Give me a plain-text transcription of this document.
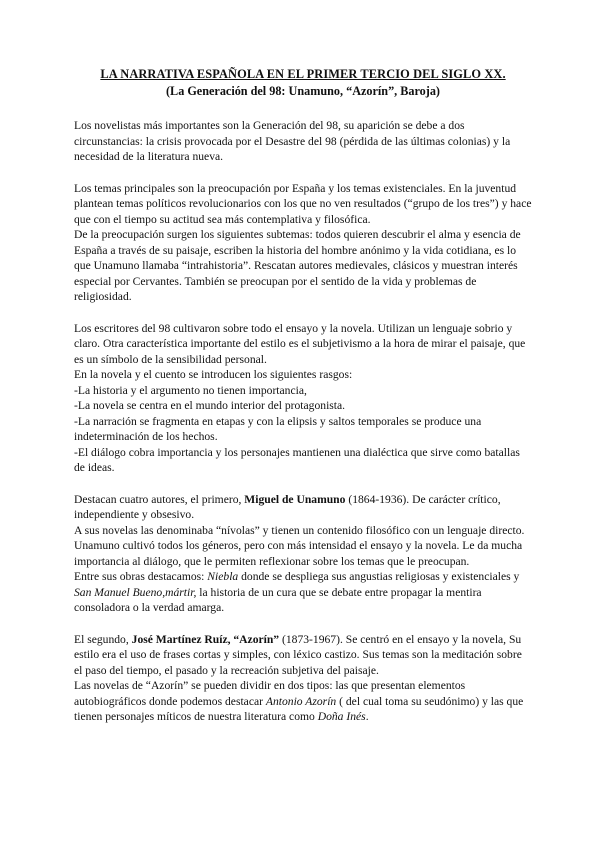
LA NARRATIVA ESPAÑOLA EN EL PRIMER TERCIO DEL SIGLO XX.
(La Generación del 98: Unamuno, “Azorín”, Baroja)

Los novelistas más importantes son la Generación del 98, su aparición se debe a dos circunstancias: la crisis provocada por el Desastre del 98 (pérdida de las últimas colonias) y la necesidad de la literatura nueva.

Los temas principales son la preocupación por España y los temas existenciales. En la juventud plantean temas políticos revolucionarios con los que no ven resultados (“grupo de los tres”) y hace que con el tiempo su actitud sea más contemplativa y filosófica.

De la preocupación surgen los siguientes subtemas: todos quieren descubrir el alma y esencia de España a través de su paisaje, escriben la historia del hombre anónimo y la vida cotidiana, es lo que Unamuno llamaba “intrahistoria”. Rescatan autores medievales, clásicos y muestran interés especial por Cervantes. También se preocupan por el sentido de la vida y problemas de religiosidad.

Los escritores del 98 cultivaron sobre todo el ensayo y la novela. Utilizan un lenguaje sobrio y claro. Otra característica importante del estilo es el subjetivismo a la hora de mirar el paisaje, que es un símbolo de la sensibilidad personal.

En la novela y el cuento se introducen los siguientes rasgos:

-La historia y el argumento no tienen importancia,

-La novela se centra en el mundo interior del protagonista.

-La narración se fragmenta en etapas y con la elipsis y saltos temporales se produce una indeterminación de los hechos.

-El diálogo cobra importancia y los personajes mantienen una dialéctica que sirve como batallas de ideas.

Destacan cuatro autores, el primero, Miguel de Unamuno (1864-1936). De carácter crítico, independiente y obsesivo.

A sus novelas las denominaba “nívolas” y tienen un contenido filosófico con un lenguaje directo. Unamuno cultivó todos los géneros, pero con más intensidad el ensayo y la novela. Le da mucha importancia al diálogo, que le permiten reflexionar sobre los temas que le preocupan.

Entre sus obras destacamos: Niebla donde se despliega sus angustias religiosas y existenciales y San Manuel Bueno,mártir, la historia de un cura que se debate entre propagar la mentira consoladora o la verdad amarga.

El segundo, José Martínez Ruíz, “Azorín” (1873-1967). Se centró en el ensayo y la novela, Su estilo era el uso de frases cortas y simples, con léxico castizo. Sus temas son la meditación sobre el paso del tiempo, el pasado y la recreación subjetiva del paisaje.

Las novelas de “Azorín” se pueden dividir en dos tipos: las que presentan elementos autobiográficos donde podemos destacar Antonio Azorín ( del cual toma su seudónimo) y las que tienen personajes míticos de nuestra literatura como Doña Inés.
